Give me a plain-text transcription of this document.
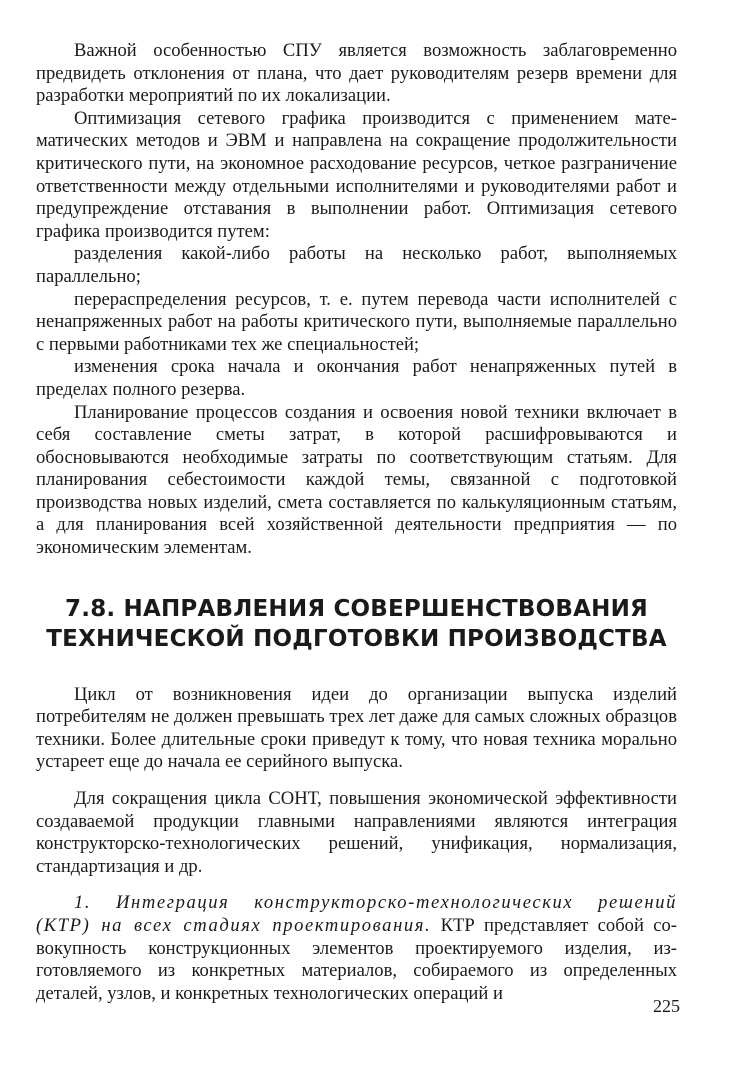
Важной особенностью СПУ является возможность заблаговременно предвидеть отклонения от плана, что дает руководителям резерв времени для разработки мероприятий по их локализации.

Оптимизация сетевого графика производится с применением математических методов и ЭВМ и направлена на сокращение продолжительности критического пути, на экономное расходование ресурсов, четкое разграничение ответственности между отдельными исполнителями и руководителями работ и предупреждение отставания в выполнении работ. Оптимизация сетевого графика производится путем:

разделения какой-либо работы на несколько работ, выполняемых параллельно;

перераспределения ресурсов, т. е. путем перевода части исполнителей с ненапряженных работ на работы критического пути, выполняемые параллельно с первыми работниками тех же специальностей;

изменения срока начала и окончания работ ненапряженных путей в пределах полного резерва.

Планирование процессов создания и освоения новой техники включает в себя составление сметы затрат, в которой расшифровываются и обосновываются необходимые затраты по соответствующим статьям. Для планирования себестоимости каждой темы, связанной с подготовкой производства новых изделий, смета составляется по калькуляционным статьям, а для планирования всей хозяйственной деятельности предприятия — по экономическим элементам.

7.8. НАПРАВЛЕНИЯ СОВЕРШЕНСТВОВАНИЯ
ТЕХНИЧЕСКОЙ ПОДГОТОВКИ ПРОИЗВОДСТВА

Цикл от возникновения идеи до организации выпуска изделий потребителям не должен превышать трех лет даже для самых сложных образцов техники. Более длительные сроки приведут к тому, что новая техника морально устареет еще до начала ее серийного выпуска.

Для сокращения цикла СОНТ, повышения экономической эффективности создаваемой продукции главными направлениями являются интеграция конструкторско-технологических решений, унификация, нормализация, стандартизация и др.

1. Интеграция конструкторско-технологических решений (КТР) на всех стадиях проектирования. КТР представляет собой совокупность конструкционных элементов проектируемого изделия, изготовляемого из конкретных материалов, собираемого из определенных деталей, узлов, и конкретных технологических операций и

225
